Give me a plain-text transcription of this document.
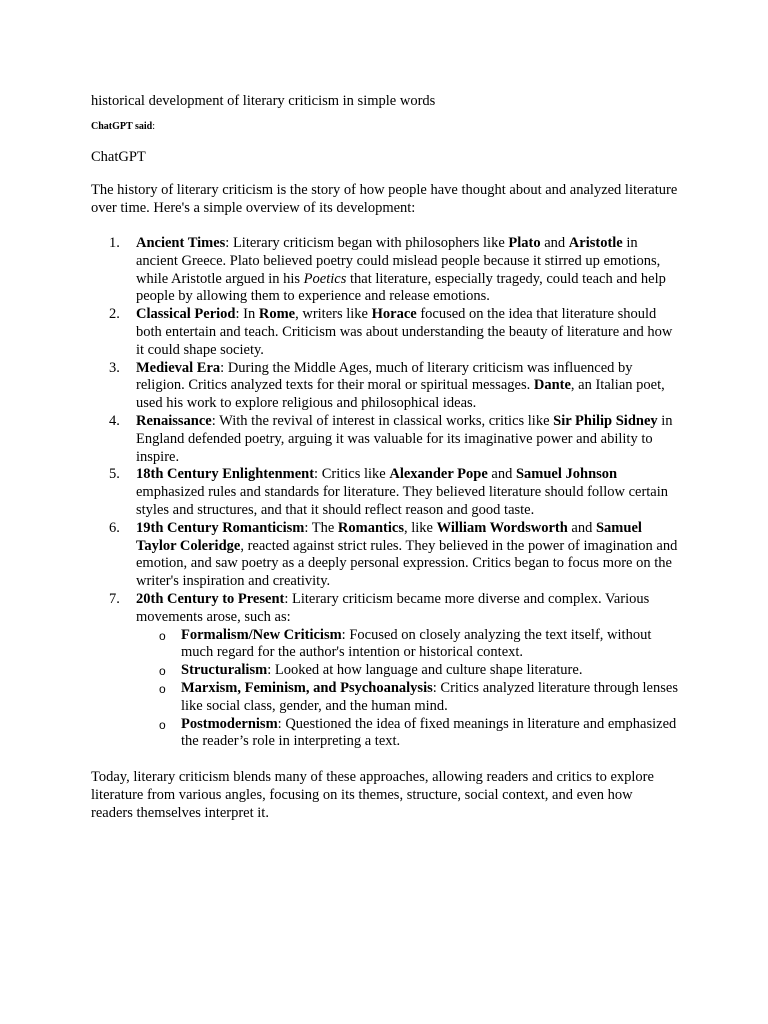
historical development of literary criticism in simple words

ChatGPT said:

ChatGPT

The history of literary criticism is the story of how people have thought about and analyzed literature over time. Here's a simple overview of its development:

1. Ancient Times: Literary criticism began with philosophers like Plato and Aristotle in ancient Greece. Plato believed poetry could mislead people because it stirred up emotions, while Aristotle argued in his Poetics that literature, especially tragedy, could teach and help people by allowing them to experience and release emotions.
2. Classical Period: In Rome, writers like Horace focused on the idea that literature should both entertain and teach. Criticism was about understanding the beauty of literature and how it could shape society.
3. Medieval Era: During the Middle Ages, much of literary criticism was influenced by religion. Critics analyzed texts for their moral or spiritual messages. Dante, an Italian poet, used his work to explore religious and philosophical ideas.
4. Renaissance: With the revival of interest in classical works, critics like Sir Philip Sidney in England defended poetry, arguing it was valuable for its imaginative power and ability to inspire.
5. 18th Century Enlightenment: Critics like Alexander Pope and Samuel Johnson emphasized rules and standards for literature. They believed literature should follow certain styles and structures, and that it should reflect reason and good taste.
6. 19th Century Romanticism: The Romantics, like William Wordsworth and Samuel Taylor Coleridge, reacted against strict rules. They believed in the power of imagination and emotion, and saw poetry as a deeply personal expression. Critics began to focus more on the writer's inspiration and creativity.
7. 20th Century to Present: Literary criticism became more diverse and complex. Various movements arose, such as:
o Formalism/New Criticism: Focused on closely analyzing the text itself, without much regard for the author's intention or historical context.
o Structuralism: Looked at how language and culture shape literature.
o Marxism, Feminism, and Psychoanalysis: Critics analyzed literature through lenses like social class, gender, and the human mind.
o Postmodernism: Questioned the idea of fixed meanings in literature and emphasized the reader’s role in interpreting a text.

Today, literary criticism blends many of these approaches, allowing readers and critics to explore literature from various angles, focusing on its themes, structure, social context, and even how readers themselves interpret it.
